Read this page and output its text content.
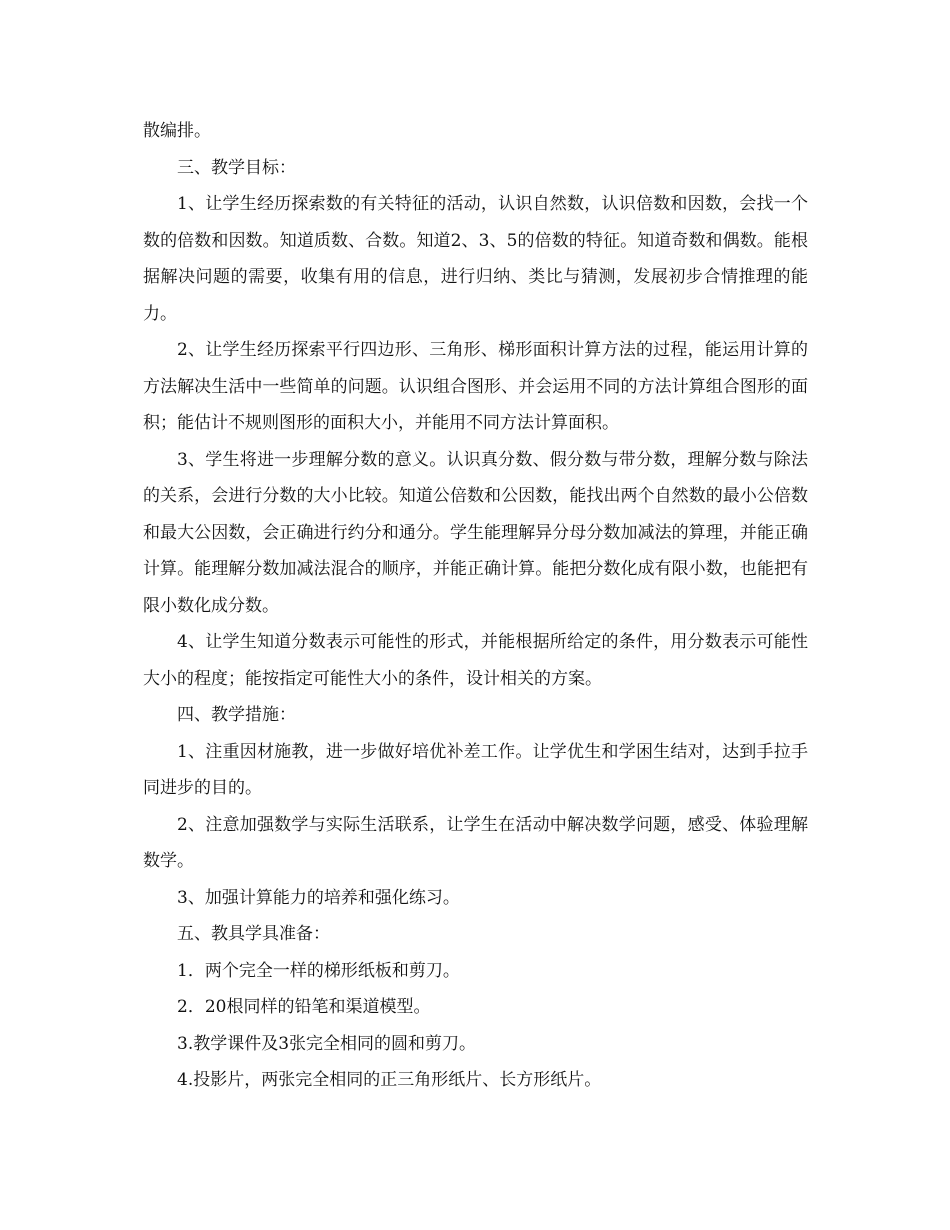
散编排。

三、教学目标：

1、让学生经历探索数的有关特征的活动，认识自然数，认识倍数和因数，会找一个数的倍数和因数。知道质数、合数。知道2、3、5的倍数的特征。知道奇数和偶数。能根据解决问题的需要，收集有用的信息，进行归纳、类比与猜测，发展初步合情推理的能力。

2、让学生经历探索平行四边形、三角形、梯形面积计算方法的过程，能运用计算的方法解决生活中一些简单的问题。认识组合图形、并会运用不同的方法计算组合图形的面积；能估计不规则图形的面积大小，并能用不同方法计算面积。

3、学生将进一步理解分数的意义。认识真分数、假分数与带分数，理解分数与除法的关系，会进行分数的大小比较。知道公倍数和公因数，能找出两个自然数的最小公倍数和最大公因数，会正确进行约分和通分。学生能理解异分母分数加减法的算理，并能正确计算。能理解分数加减法混合的顺序，并能正确计算。能把分数化成有限小数，也能把有限小数化成分数。

4、让学生知道分数表示可能性的形式，并能根据所给定的条件，用分数表示可能性大小的程度；能按指定可能性大小的条件，设计相关的方案。

四、教学措施：

1、注重因材施教，进一步做好培优补差工作。让学优生和学困生结对，达到手拉手同进步的目的。

2、注意加强数学与实际生活联系，让学生在活动中解决数学问题，感受、体验理解数学。

3、加强计算能力的培养和强化练习。

五、教具学具准备：

1．两个完全一样的梯形纸板和剪刀。

2．20根同样的铅笔和渠道模型。

3.教学课件及3张完全相同的圆和剪刀。

4.投影片，两张完全相同的正三角形纸片、长方形纸片。
